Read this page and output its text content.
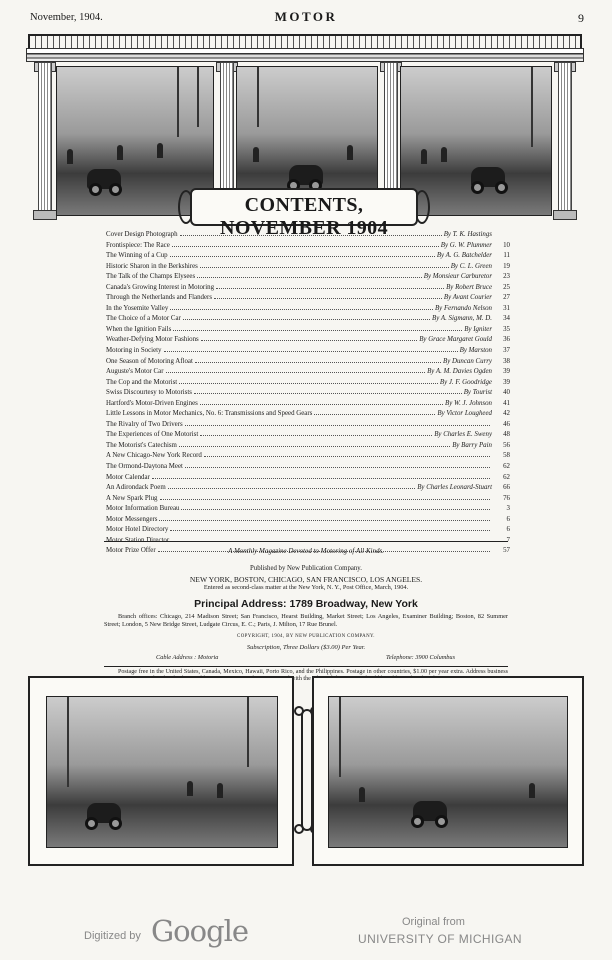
November, 1904.	MOTOR	9
CONTENTS, NOVEMBER 1904
Cover Design Photograph	By T. K. Hastings
Frontispiece: The Race	By G. W. Plummer	10
The Winning of a Cup	By A. G. Batchelder	11
Historic Sharon in the Berkshires	By C. L. Green	19
The Talk of the Champs Elysees	By Monsieur Carburetor	23
Canada's Growing Interest in Motoring	By Robert Bruce	25
Through the Netherlands and Flanders	By Avant Courier	27
In the Yosemite Valley	By Fernando Nelson	31
The Choice of a Motor Car	By A. Sigmann, M. D.	34
When the Ignition Fails	By Igniter	35
Weather-Defying Motor Fashions	By Grace Margaret Gould	36
Motoring in Society	By Marston	37
One Season of Motoring Afloat	By Duncan Curry	38
Auguste's Motor Car	By A. M. Davies Ogden	39
The Cop and the Motorist	By J. F. Goodridge	39
Swiss Discourtesy to Motorists	By Tourist	40
Hartford's Motor-Driven Engines	By W. J. Johnson	41
Little Lessons in Motor Mechanics, No. 6: Transmissions and Speed Gears	By Victor Lougheed	42
The Rivalry of Two Drivers	46
The Experiences of One Motorist	By Charles E. Sweny	48
The Motorist's Catechism	By Barry Pain	56
A New Chicago-New York Record	58
The Ormond-Daytona Meet	62
Motor Calendar	62
An Adirondack Poem	By Charles Leonard-Stuart	66
A New Spark Plug	76
Motor Information Bureau	3
Motor Messengers	6
Motor Hotel Directory	6
Motor Station Director	7
Motor Prize Offer	57
A Monthly Magazine Devoted to Motoring of All Kinds.
Published by New Publication Company.
NEW YORK, BOSTON, CHICAGO, SAN FRANCISCO, LOS ANGELES.
Entered as second-class matter at the New York, N. Y., Post Office, March, 1904.
Principal Address: 1789 Broadway, New York
Branch offices: Chicago, 214 Madison Street; San Francisco, Hearst Building, Market Street; Los Angeles, Examiner Building; Boston, 82 Summer Street; London, 5 New Bridge Street, Ludgate Circus, E. C.; Paris, J. Milton, 17 Rue Brunel.
COPYRIGHT, 1904, BY NEW PUBLICATION COMPANY.
Subscription, Three Dollars ($3.00) Per Year.
Cable Address : Motoria	Telephone: 3900 Columbus
Postage free in the United States, Canada, Mexico, Hawaii, Porto Rico, and the Philippines. Postage in other countries, $1.00 per year extra. Address business with the
Digitized by Google	Original from
UNIVERSITY OF MICHIGAN
